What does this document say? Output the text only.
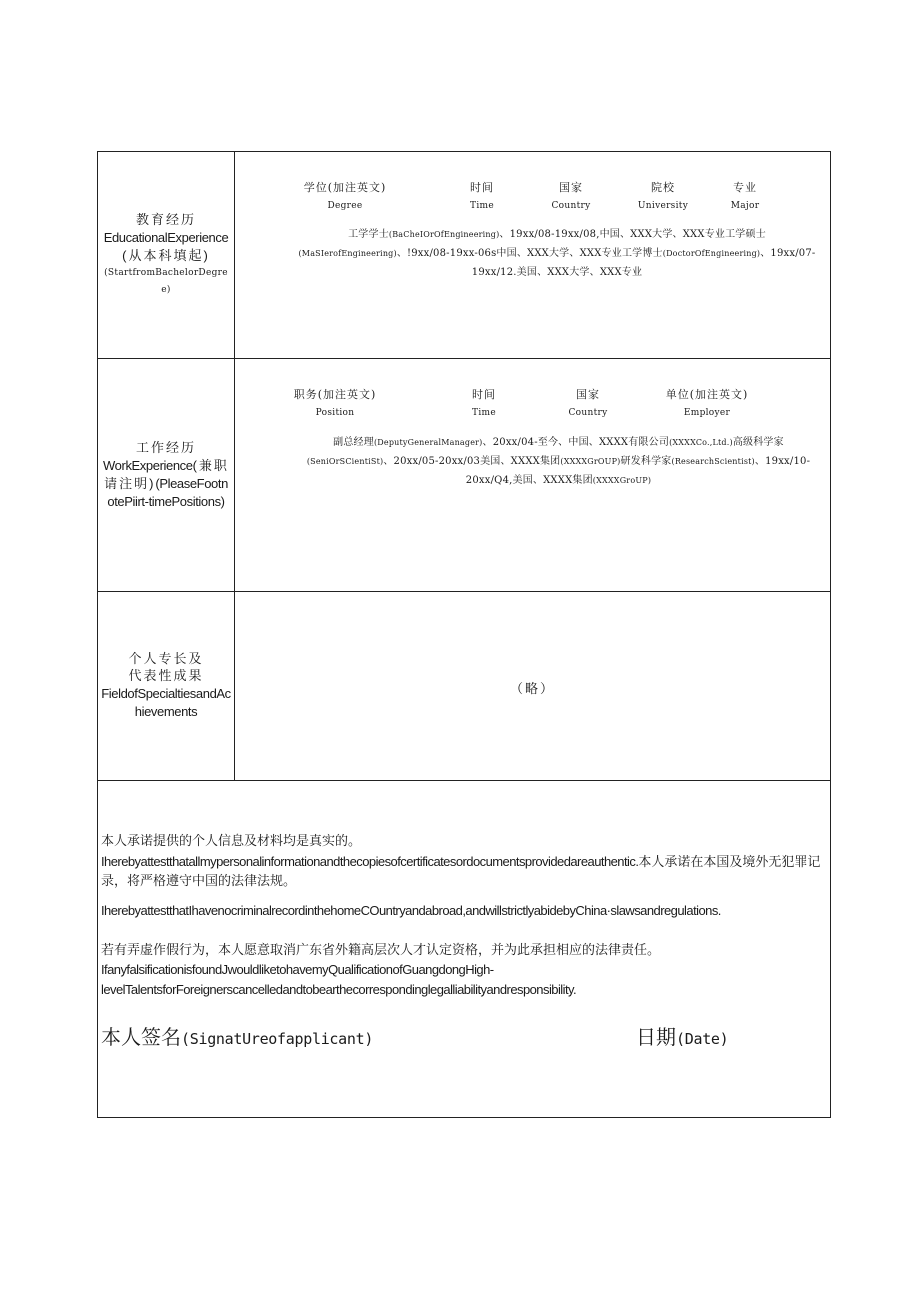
教育经历
EducationalExperience(从本科填起)
(StartfromBachelorDegree)
学位(加注英文)
Degree
时间
Time
国家
Country
院校
University
专业
Major
工学学士(BaCheIOrOfEngineering)、19xx/08-19xx/08,中国、XXX大学、XXX专业工学硕士(MaSIerofEngineering)、!9xx/08-19xx-06s中国、XXX大学、XXX专业工学博士(DoctorOfEngineering)、19xx/07-19xx/12.美国、XXX大学、XXX专业
工作经历
WorkExperience(兼职请注明)(PleaseFootnotePiirt-timePositions)
职务(加注英文)
Position
时间
Time
国家
Country
单位(加注英文)
Employer
副总经理(DeputyGeneralManager)、20xx/04-至今、中国、XXXX有限公司(XXXXCo.,Ltd.)高级科学家(SeniOrSCientiSt)、20xx/05-20xx/03美国、XXXX集团(XXXXGrOUP)研发科学家(ResearchScientist)、19xx/10-20xx/Q4,美国、XXXX集团(XXXXGroUP)
个人专长及
代表性成果
FieldofSpecialtiesandAchievements
（略）
本人承诺提供的个人信息及材料均是真实的。
Iherebyattestthatallmypersonalinformationandthecopiesofcertificatesordocumentsprovidedareauthentic.本人承诺在本国及境外无犯罪记录，将严格遵守中国的法律法规。
IherebyattestthatIhavenocriminalrecordinthehomeCOuntryandabroad,andwillstrictlyabidebyChina·slawsandregulations.
若有弄虚作假行为，本人愿意取消广东省外籍高层次人才认定资格，并为此承担相应的法律责任。
IfanyfalsificationisfoundJwouldliketohavemyQualificationofGuangdongHigh-levelTalentsforForeignerscancelledandtobearthecorrespondinglegalliabilityandresponsibility.
本人签名(SignatUreofapplicant)	日期(Date)
